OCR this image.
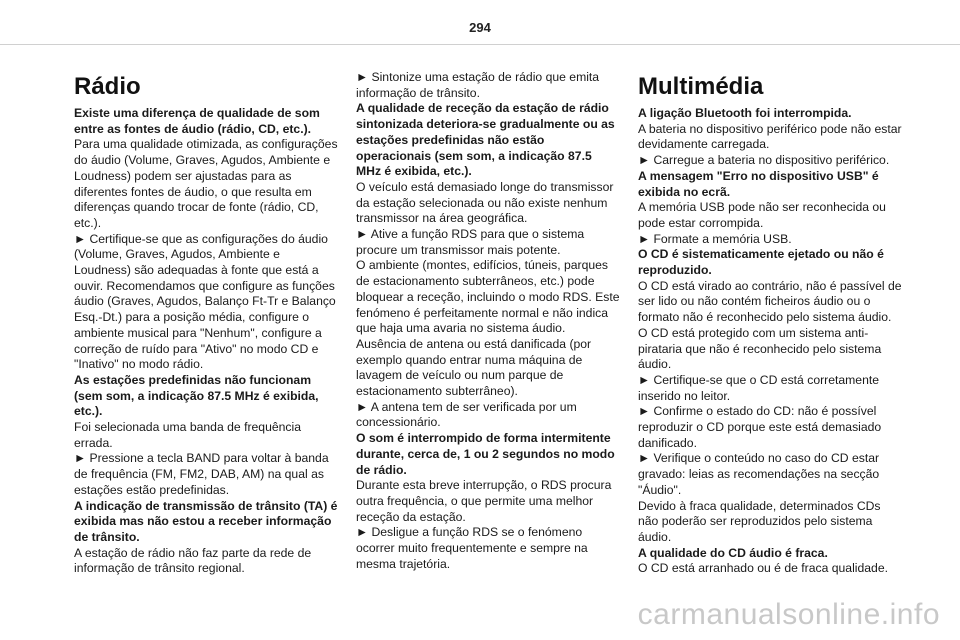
294
Rádio

Existe uma diferença de qualidade de som entre as fontes de áudio (rádio, CD, etc.).

Para uma qualidade otimizada, as configurações do áudio (Volume, Graves, Agudos, Ambiente e Loudness) podem ser ajustadas para as diferentes fontes de áudio, o que resulta em diferenças quando trocar de fonte (rádio, CD, etc.).

► Certifique-se que as configurações do áudio (Volume, Graves, Agudos, Ambiente e Loudness) são adequadas à fonte que está a ouvir. Recomendamos que configure as funções áudio (Graves, Agudos, Balanço Ft-Tr e Balanço Esq.-Dt.) para a posição média, configure o ambiente musical para "Nenhum", configure a correção de ruído para "Ativo" no modo CD e "Inativo" no modo rádio.

As estações predefinidas não funcionam (sem som, a indicação 87.5 MHz é exibida, etc.).

Foi selecionada uma banda de frequência errada.

► Pressione a tecla BAND para voltar à banda de frequência (FM, FM2, DAB, AM) na qual as estações estão predefinidas.

A indicação de transmissão de trânsito (TA) é exibida mas não estou a receber informação de trânsito.

A estação de rádio não faz parte da rede de informação de trânsito regional.

► Sintonize uma estação de rádio que emita informação de trânsito.

A qualidade de receção da estação de rádio sintonizada deteriora-se gradualmente ou as estações predefinidas não estão operacionais (sem som, a indicação 87.5 MHz é exibida, etc.).

O veículo está demasiado longe do transmissor da estação selecionada ou não existe nenhum transmissor na área geográfica.

► Ative a função RDS para que o sistema procure um transmissor mais potente.

O ambiente (montes, edifícios, túneis, parques de estacionamento subterrâneos, etc.) pode bloquear a receção, incluindo o modo RDS. Este fenómeno é perfeitamente normal e não indica que haja uma avaria no sistema áudio.

Ausência de antena ou está danificada (por exemplo quando entrar numa máquina de lavagem de veículo ou num parque de estacionamento subterrâneo).

► A antena tem de ser verificada por um concessionário.

O som é interrompido de forma intermitente durante, cerca de, 1 ou 2 segundos no modo de rádio.

Durante esta breve interrupção, o RDS procura outra frequência, o que permite uma melhor receção da estação.

► Desligue a função RDS se o fenómeno ocorrer muito frequentemente e sempre na mesma trajetória.

Multimédia

A ligação Bluetooth foi interrompida.

A bateria no dispositivo periférico pode não estar devidamente carregada.

► Carregue a bateria no dispositivo periférico.

A mensagem "Erro no dispositivo USB" é exibida no ecrã.

A memória USB pode não ser reconhecida ou pode estar corrompida.

► Formate a memória USB.

O CD é sistematicamente ejetado ou não é reproduzido.

O CD está virado ao contrário, não é passível de ser lido ou não contém ficheiros áudio ou o formato não é reconhecido pelo sistema áudio.

O CD está protegido com um sistema anti-pirataria que não é reconhecido pelo sistema áudio.

► Certifique-se que o CD está corretamente inserido no leitor.

► Confirme o estado do CD: não é possível reproduzir o CD porque este está demasiado danificado.

► Verifique o conteúdo no caso do CD estar gravado: leias as recomendações na secção "Áudio".

Devido à fraca qualidade, determinados CDs não poderão ser reproduzidos pelo sistema áudio.

A qualidade do CD áudio é fraca.

O CD está arranhado ou é de fraca qualidade.

carmanualsonline.info
